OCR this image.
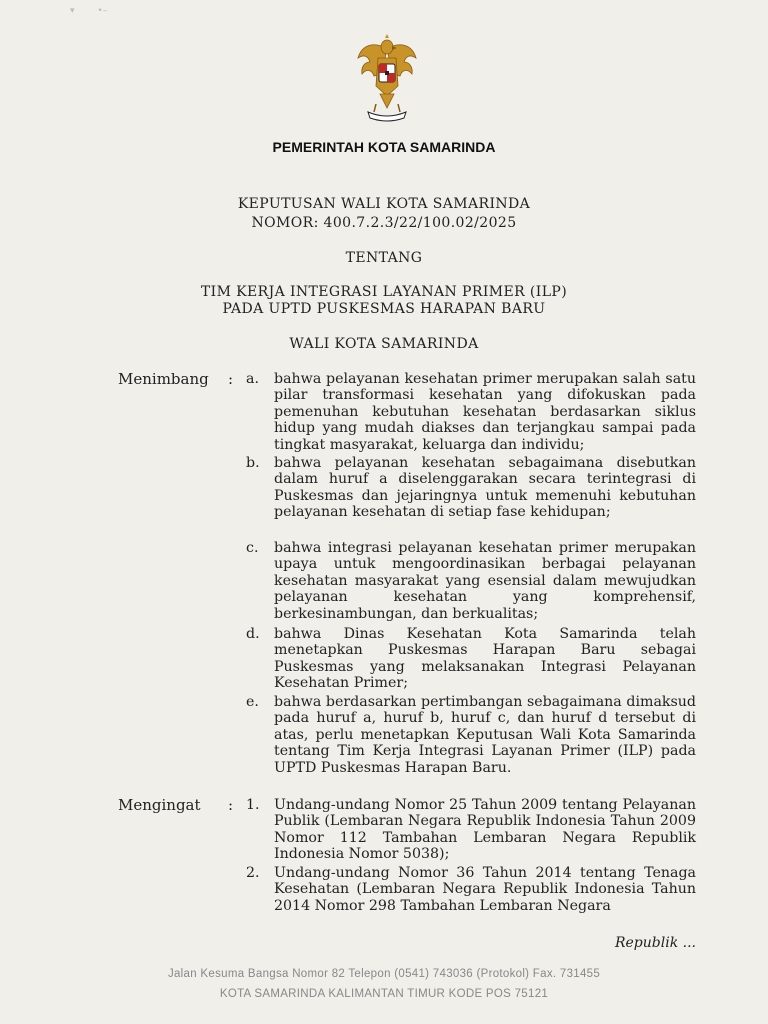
▾        •–
PEMERINTAH KOTA SAMARINDA
KEPUTUSAN WALI KOTA SAMARINDA
NOMOR: 400.7.2.3/22/100.02/2025
TENTANG
TIM KERJA INTEGRASI LAYANAN PRIMER (ILP)
PADA UPTD PUSKESMAS HARAPAN BARU
WALI KOTA SAMARINDA
Menimbang : a. bahwa pelayanan kesehatan primer merupakan salah satu pilar transformasi kesehatan yang difokuskan pada pemenuhan kebutuhan kesehatan berdasarkan siklus hidup yang mudah diakses dan terjangkau sampai pada tingkat masyarakat, keluarga dan individu;
b. bahwa pelayanan kesehatan sebagaimana disebutkan dalam huruf a diselenggarakan secara terintegrasi di Puskesmas dan jejaringnya untuk memenuhi kebutuhan pelayanan kesehatan di setiap fase kehidupan;
c. bahwa integrasi pelayanan kesehatan primer merupakan upaya untuk mengoordinasikan berbagai pelayanan kesehatan masyarakat yang esensial dalam mewujudkan pelayanan kesehatan yang komprehensif, berkesinambungan, dan berkualitas;
d. bahwa Dinas Kesehatan Kota Samarinda telah menetapkan Puskesmas Harapan Baru sebagai Puskesmas yang melaksanakan Integrasi Pelayanan Kesehatan Primer;
e. bahwa berdasarkan pertimbangan sebagaimana dimaksud pada huruf a, huruf b, huruf c, dan huruf d tersebut di atas, perlu menetapkan Keputusan Wali Kota Samarinda tentang Tim Kerja Integrasi Layanan Primer (ILP) pada UPTD Puskesmas Harapan Baru.
Mengingat : 1. Undang-undang Nomor 25 Tahun 2009 tentang Pelayanan Publik (Lembaran Negara Republik Indonesia Tahun 2009 Nomor 112 Tambahan Lembaran Negara Republik Indonesia Nomor 5038);
2. Undang-undang Nomor 36 Tahun 2014 tentang Tenaga Kesehatan (Lembaran Negara Republik Indonesia Tahun 2014 Nomor 298 Tambahan Lembaran Negara
Republik ...
Jalan Kesuma Bangsa Nomor 82 Telepon (0541) 743036 (Protokol) Fax. 731455
KOTA SAMARINDA KALIMANTAN TIMUR KODE POS 75121
